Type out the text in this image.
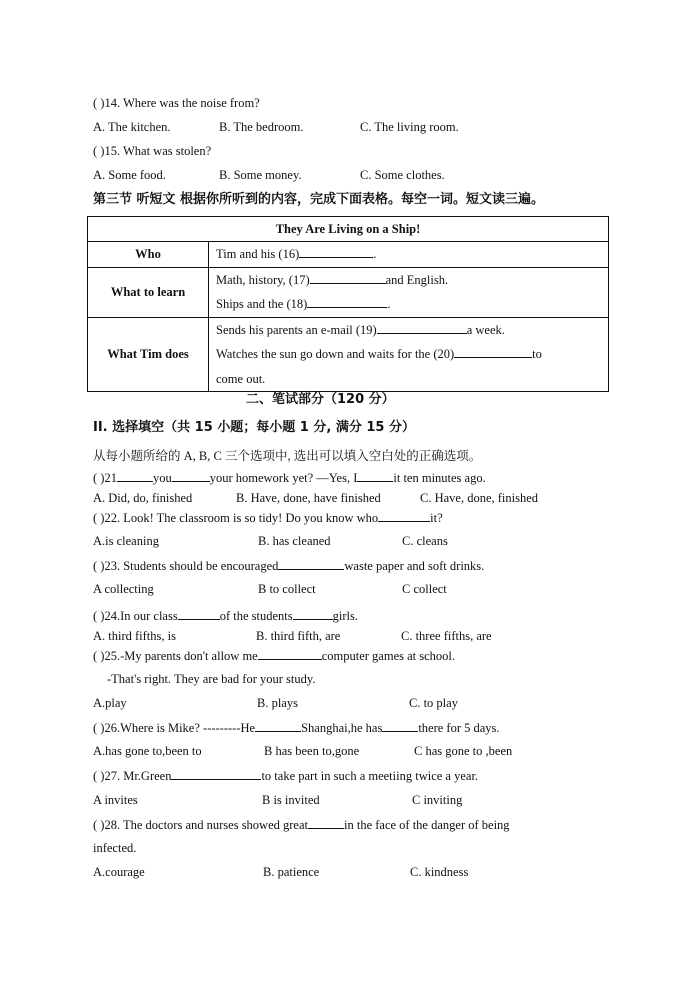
( )14. Where was the noise from?
A. The kitchen.	B. The bedroom.	C. The living room.
( )15. What was stolen?
A. Some food.	B. Some money.	C. Some clothes.
第三节 听短文 根据你所听到的内容，完成下面表格。每空一词。短文读三遍。
They Are Living on a Ship!	
Who	Tim and his (16) .

What to learn	Math, history, (17) and English.
Ships and the (18) .

What Tim does	Sends his parents an e-mail (19) a week.
Watches the sun go down and waits for the (20) to
come out.
二、笔试部分（120 分）
II. 选择填空（共 15 小题；每小题 1 分, 满分 15 分）
从每小题所给的 A, B, C 三个选项中, 选出可以填入空白处的正确选项。
( )21	you	your homework yet? —Yes, I	it ten minutes ago.
A. Did, do, finished	B. Have, done, have finished	C. Have, done, finished
( )22. Look! The classroom is so tidy! Do you know who	it?
A.is cleaning	B. has cleaned	C. cleans
( )23. Students should be encouraged	waste paper and soft drinks.
A collecting	B to collect	C collect
( )24.In our class	of the students	girls.
A. third fifths, is	B. third fifth, are	C. three fifths, are
( )25.-My parents don't allow me	computer games at school.
-That's right. They are bad for your study.
A.play	B. plays	C. to play
( )26.Where is Mike? ---------He	Shanghai,he has	there for 5 days.
A.has gone to,been to	B has been to,gone	C has gone to ,been
( )27. Mr.Green	to take part in such a meetiing twice a year.
A invites	B is invited	C inviting
( )28. The doctors and nurses showed great	in the face of the danger of being
infected.
A.courage	B. patience	C. kindness
